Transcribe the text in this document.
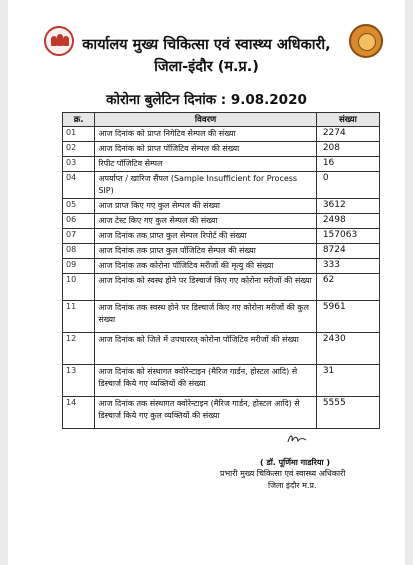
कार्यालय मुख्य चिकित्सा एवं स्वास्थ्य अधिकारी,
जिला-इंदौर (म.प्र.)
कोरोना बुलेटिन दिनांक : 9.08.2020
क्र.	विवरण	संख्या
01	आज दिनांक को प्राप्त निगेटिव सेम्पल की संख्या	2274
02	आज दिनांक को प्राप्त पॉजिटिव सेम्पल की संख्या	208
03	रिपीट पॉजिटिव सेम्पल	16
04	अपर्याप्त / खारिज सैंपल (Sample Insufficient for Process SIP)	0
05	आज प्राप्त किए गए कुल सेम्पल की संख्या	3612
06	आज टेस्ट किए गए कुल सेम्पल की संख्या	2498
07	आज दिनांक तक प्राप्त कुल सेम्पल रिपोर्ट की संख्या	157063
08	आज दिनांक तक प्राप्त कुल पॉजिटिव सेम्पल की संख्या	8724
09	आज दिनांक तक कोरोना पॉजिटिव मरीजों की मृत्यु की संख्या	333
10	आज दिनांक को स्वस्थ होने पर डिस्चार्ज किए गए कोरोना मरीजों की संख्या	62
11	आज दिनांक तक स्वस्थ होने पर डिस्चार्ज किए गए कोरोना मरीजों की कुल संख्या	5961
12	आज दिनांक को जिले में उपचाररत् कोरोना पॉजिटिव मरीजों की संख्या	2430
13	आज दिनांक को संस्थागत क्वोरेन्टाइन (मैरिज गार्डन, होस्टल आदि) से डिस्चार्ज किये गए व्यक्तियों की संख्या	31
14	आज दिनांक तक संस्थागत क्वोरेन्टाइन (मैरिज गार्डन, होस्टल आदि) से डिस्चार्ज किये गए कुल व्यक्तियों की संख्या	5555
( डॉ. पूर्णिमा गाडरिया )
प्रभारी मुख्य चिकित्सा एवं स्वास्थ्य अधिकारी
जिला इंदौर म.प्र.
